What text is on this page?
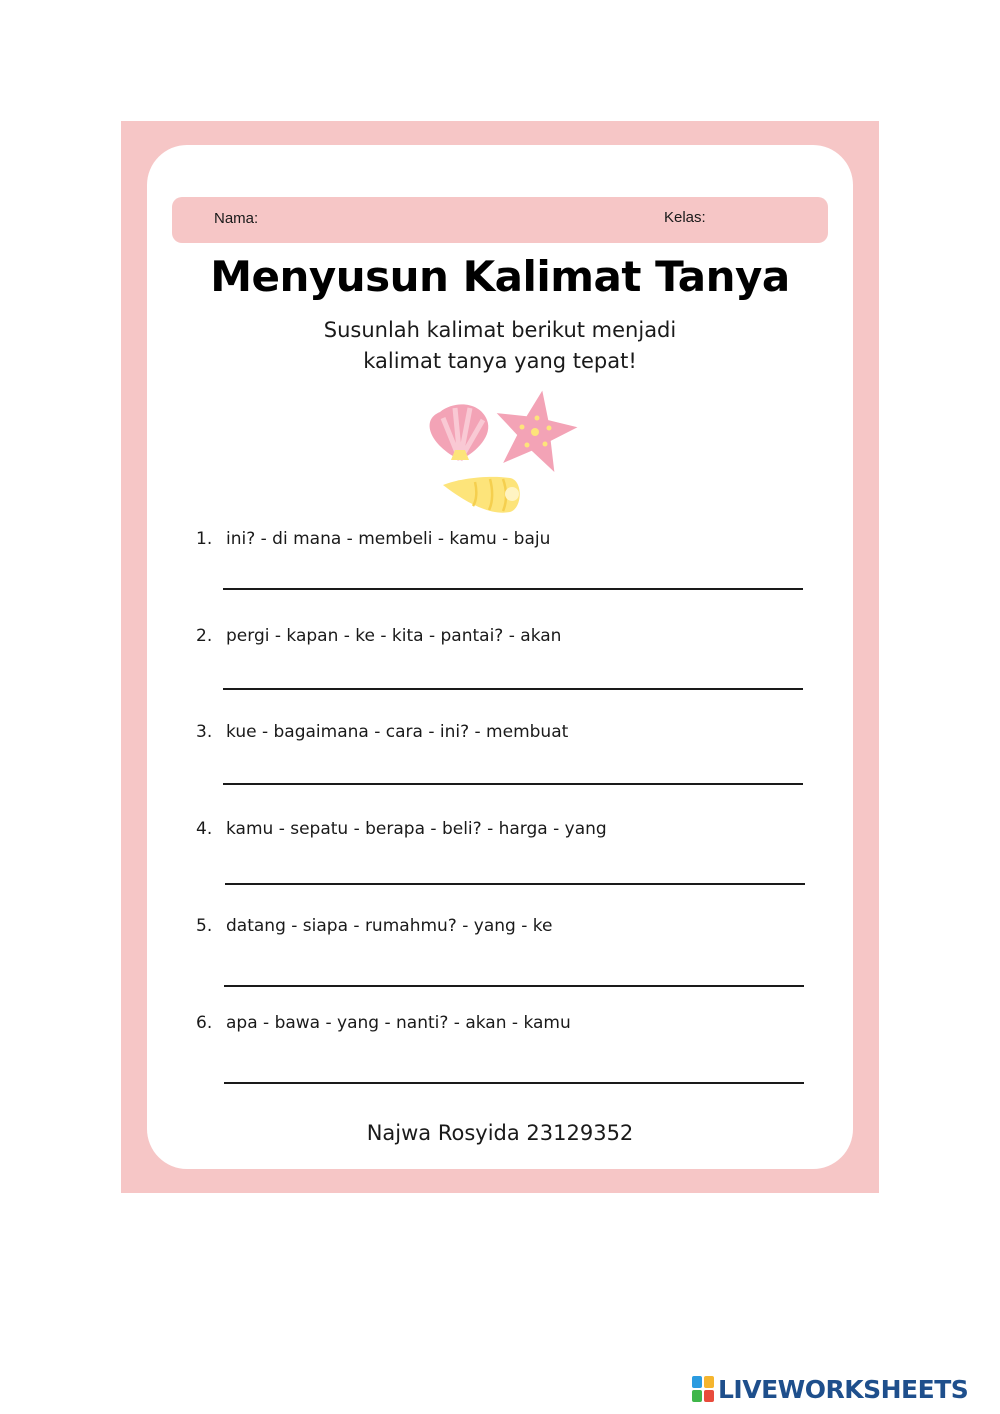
Nama:	Kelas:
Menyusun Kalimat Tanya
Susunlah kalimat berikut menjadi
kalimat tanya yang tepat!
1. ini? - di mana - membeli - kamu - baju
2. pergi - kapan - ke - kita - pantai? - akan
3. kue - bagaimana - cara - ini? - membuat
4. kamu - sepatu - berapa - beli? - harga - yang
5. datang - siapa - rumahmu? - yang - ke
6. apa - bawa - yang - nanti? - akan - kamu
Najwa Rosyida 23129352
LIVEWORKSHEETS
